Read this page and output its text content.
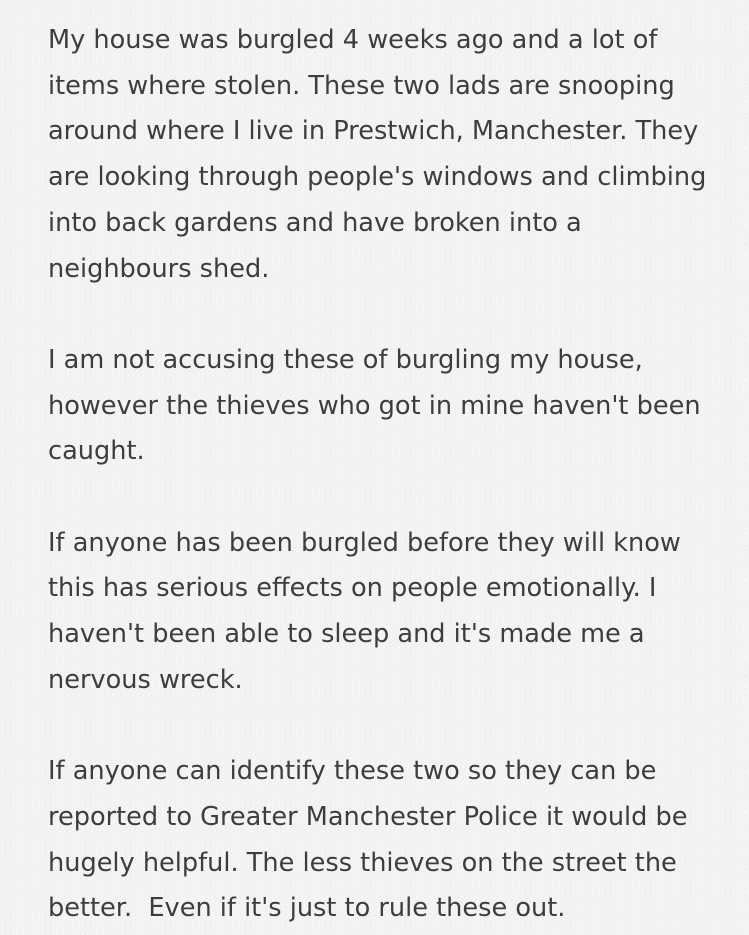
My house was burgled 4 weeks ago and a lot of items where stolen. These two lads are snooping around where I live in Prestwich, Manchester. They are looking through people's windows and climbing into back gardens and have broken into a neighbours shed.

I am not accusing these of burgling my house, however the thieves who got in mine haven't been caught.

If anyone has been burgled before they will know this has serious effects on people emotionally. I haven't been able to sleep and it's made me a nervous wreck.

If anyone can identify these two so they can be reported to Greater Manchester Police it would be hugely helpful. The less thieves on the street the better.  Even if it's just to rule these out.
